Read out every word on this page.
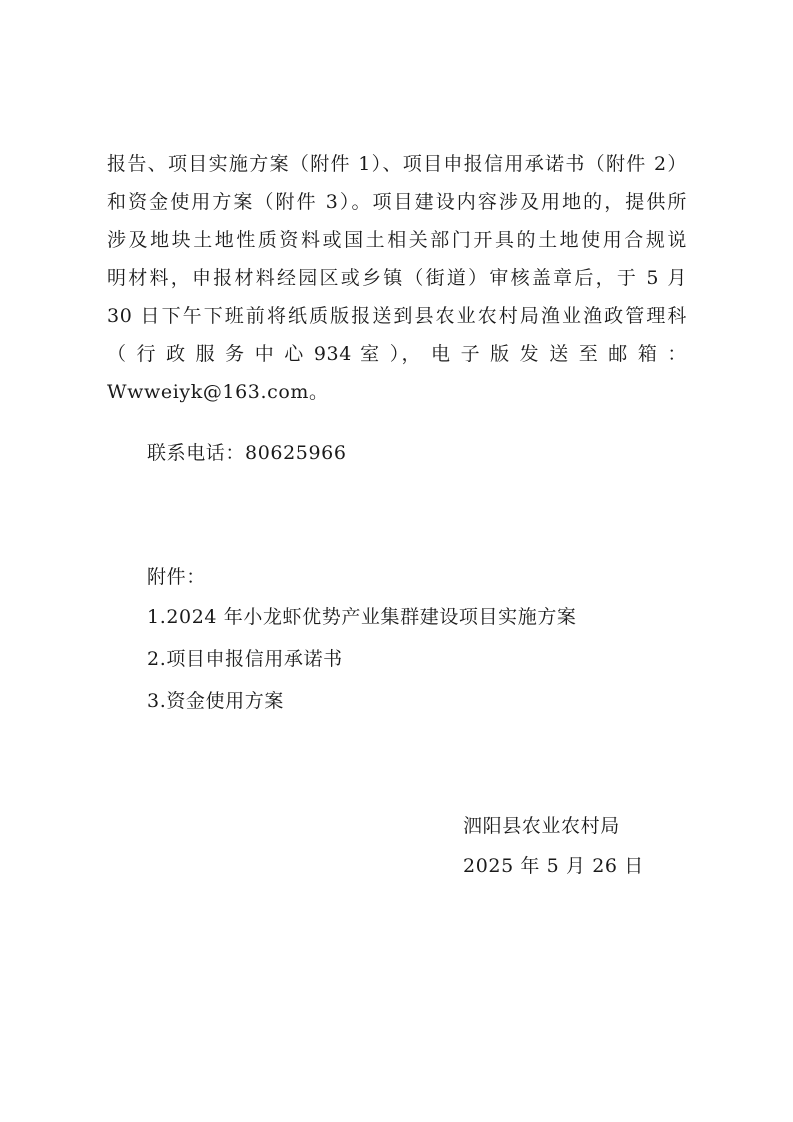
报告、项目实施方案（附件 1）、项目申报信用承诺书（附件 2）
和资金使用方案（附件 3）。项目建设内容涉及用地的，提供所
涉及地块土地性质资料或国土相关部门开具的土地使用合规说
明材料，申报材料经园区或乡镇（街道）审核盖章后，于 5 月
30 日下午下班前将纸质版报送到县农业农村局渔业渔政管理科
（ 行 政 服 务 中 心 934 室 ）， 电 子 版 发 送 至 邮 箱 ：
Wwweiyk@163.com。
联系电话：80625966
附件：
1.2024 年小龙虾优势产业集群建设项目实施方案
2.项目申报信用承诺书
3.资金使用方案
泗阳县农业农村局
2025 年 5 月 26 日
